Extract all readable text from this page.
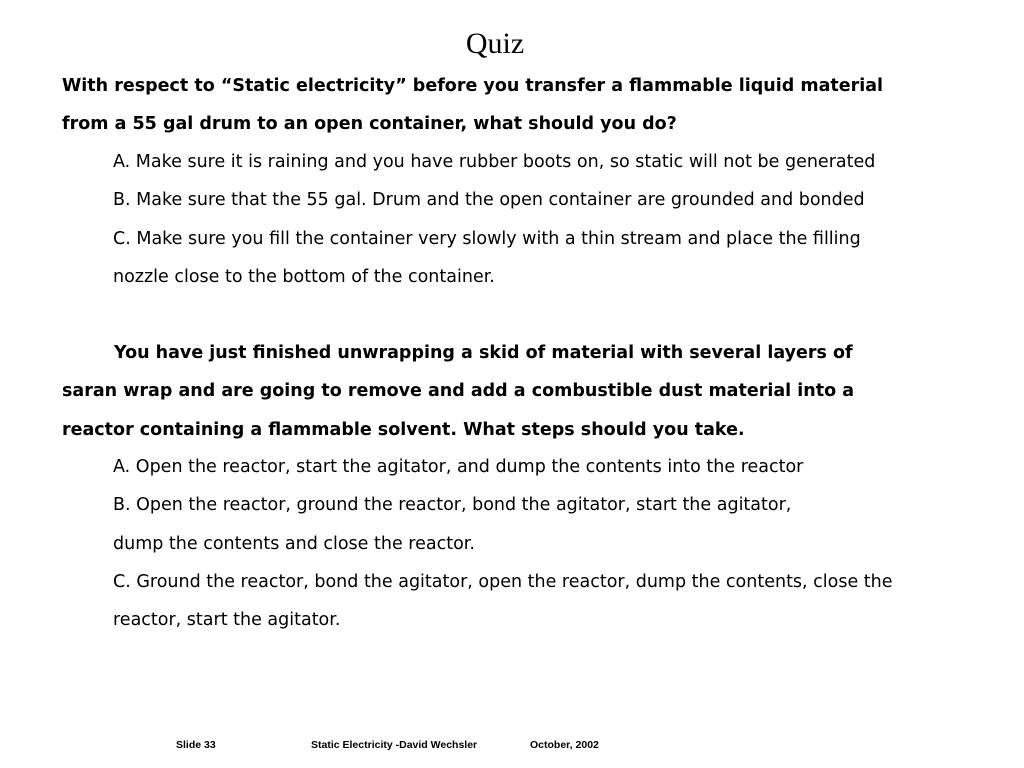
Quiz
With respect to “Static electricity” before you transfer a flammable liquid material
from a 55 gal drum to an open container, what should you do?
A. Make sure it is raining and you have rubber boots on, so static will not be generated
B. Make sure that the 55 gal. Drum and the open container are grounded and bonded
C. Make sure you fill the container very slowly with a thin stream and place the filling
nozzle close to the bottom of the container.
You have just finished unwrapping a skid of material with several layers of
saran wrap and are going to remove and add a combustible dust material into a
reactor containing a flammable solvent. What steps should you take.
A. Open the reactor, start the agitator, and dump the contents into the reactor
B. Open the reactor, ground the reactor, bond the agitator, start the agitator,
dump the contents and close the reactor.
C. Ground the reactor, bond the agitator, open the reactor, dump the contents, close the
reactor, start the agitator.
Slide 33	Static Electricity -David Wechsler	October, 2002
